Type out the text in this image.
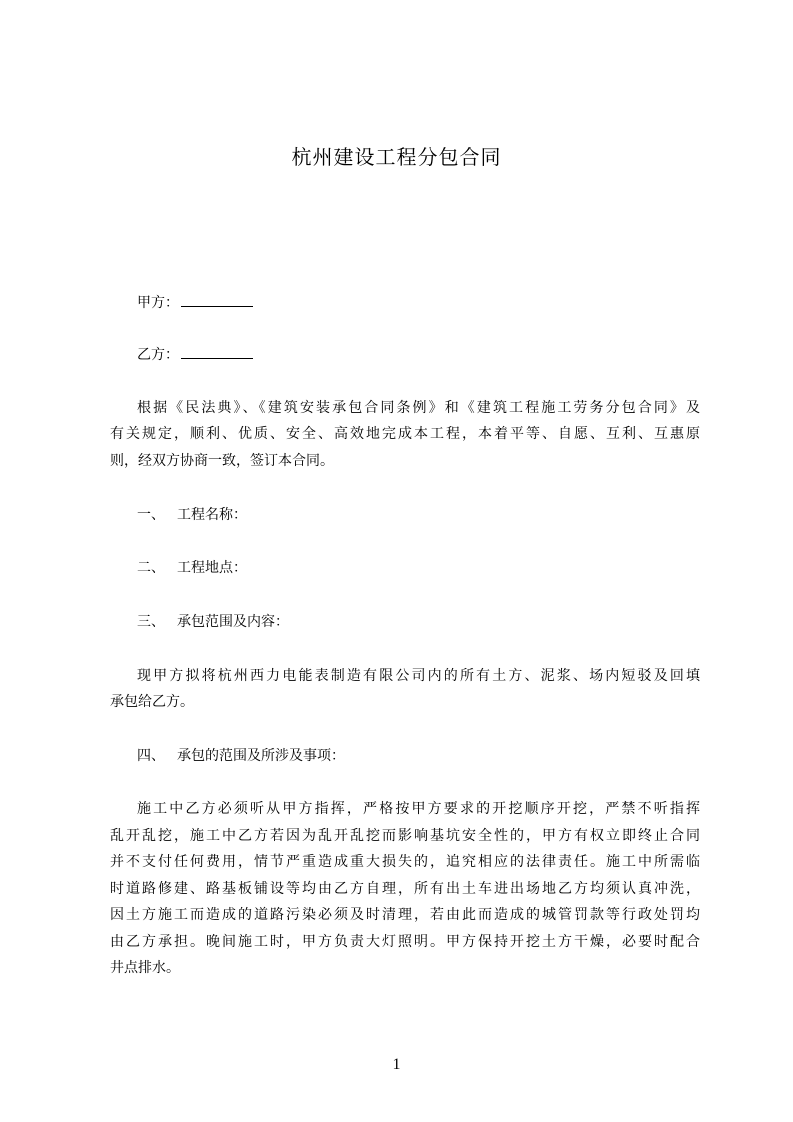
杭州建设工程分包合同
甲方：
乙方：
根据《民法典》、《建筑安装承包合同条例》和《建筑工程施工劳务分包合同》及
有关规定，顺利、优质、安全、高效地完成本工程，本着平等、自愿、互利、互惠原
则，经双方协商一致，签订本合同。
一、 工程名称：
二、 工程地点：
三、 承包范围及内容：
现甲方拟将杭州西力电能表制造有限公司内的所有土方、泥浆、场内短驳及回填
承包给乙方。
四、 承包的范围及所涉及事项：
施工中乙方必须听从甲方指挥，严格按甲方要求的开挖顺序开挖，严禁不听指挥
乱开乱挖，施工中乙方若因为乱开乱挖而影响基坑安全性的，甲方有权立即终止合同
并不支付任何费用，情节严重造成重大损失的，追究相应的法律责任。施工中所需临
时道路修建、路基板铺设等均由乙方自理，所有出土车进出场地乙方均须认真冲洗，
因土方施工而造成的道路污染必须及时清理，若由此而造成的城管罚款等行政处罚均
由乙方承担。晚间施工时，甲方负责大灯照明。甲方保持开挖土方干燥，必要时配合
井点排水。
1
